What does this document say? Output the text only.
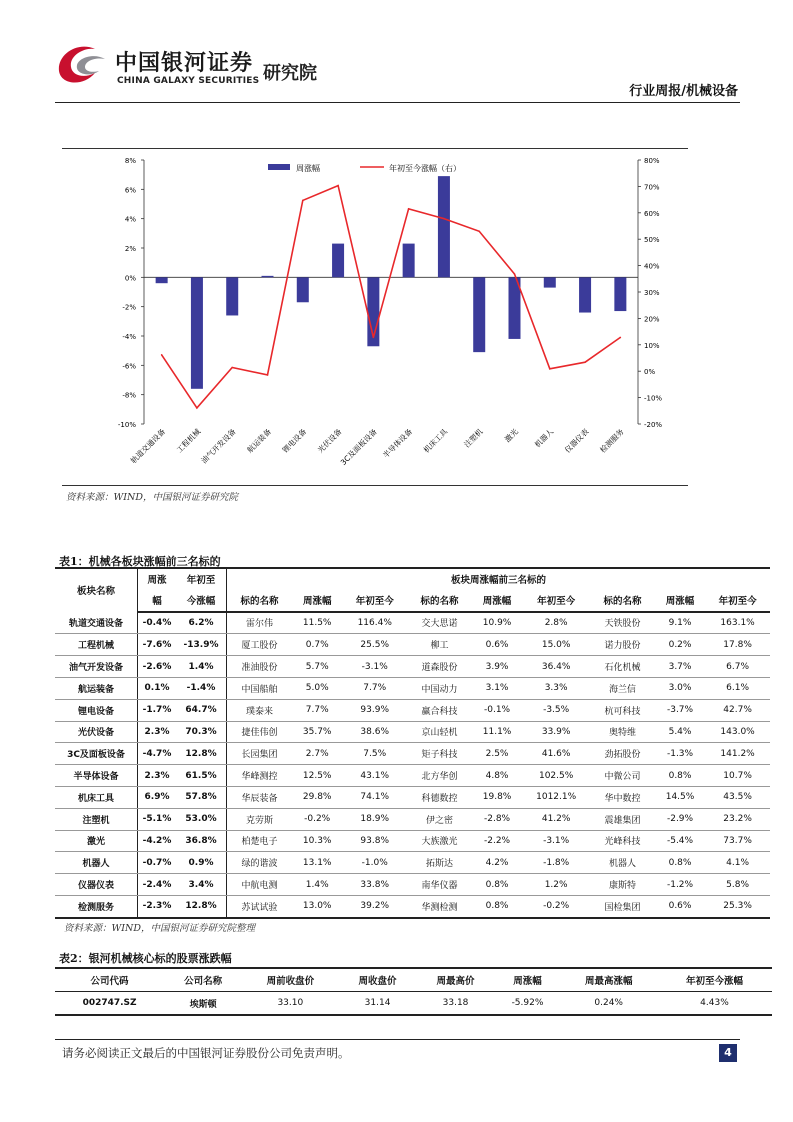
中国银河证券
CHINA GALAXY SECURITIES 研究院
行业周报/机械设备
8%
6%
4%
2%
0%
-2%
-4%
-6%
-8%
-10%
80%
70%
60%
50%
40%
30%
20%
10%
0%
-10%
-20%
轨道交通设备 工程机械
油气开发设备 航运装备 锂电设备 光伏设备
3C及面板设备 半导体设备 机床工具 注塑机 激光 机器人 仪器仪表 检测服务
周涨幅	年初至今涨幅（右）
资料来源：WIND，中国银河证券研究院
表1：机械各板块涨幅前三名标的
板块名称	周涨	年初至	板块周涨幅前三名标的								
	幅	今涨幅	标的名称	周涨幅	年初至今	标的名称	周涨幅	年初至今	标的名称	周涨幅	年初至今
轨道交通设备	-0.4%	6.2%	雷尔伟	11.5%	116.4%	交大思诺	10.9%	2.8%	天铁股份	9.1%	163.1%
工程机械	-7.6%	-13.9%	厦工股份	0.7%	25.5%	柳工	0.6%	15.0%	诺力股份	0.2%	17.8%
油气开发设备	-2.6%	1.4%	准油股份	5.7%	-3.1%	道森股份	3.9%	36.4%	石化机械	3.7%	6.7%
航运装备	0.1%	-1.4%	中国船舶	5.0%	7.7%	中国动力	3.1%	3.3%	海兰信	3.0%	6.1%
锂电设备	-1.7%	64.7%	璞泰来	7.7%	93.9%	赢合科技	-0.1%	-3.5%	杭可科技	-3.7%	42.7%
光伏设备	2.3%	70.3%	捷佳伟创	35.7%	38.6%	京山轻机	11.1%	33.9%	奥特维	5.4%	143.0%
3C及面板设备	-4.7%	12.8%	长园集团	2.7%	7.5%	矩子科技	2.5%	41.6%	劲拓股份	-1.3%	141.2%
半导体设备	2.3%	61.5%	华峰测控	12.5%	43.1%	北方华创	4.8%	102.5%	中微公司	0.8%	10.7%
机床工具	6.9%	57.8%	华辰装备	29.8%	74.1%	科德数控	19.8%	1012.1%	华中数控	14.5%	43.5%
注塑机	-5.1%	53.0%	克劳斯	-0.2%	18.9%	伊之密	-2.8%	41.2%	震雄集团	-2.9%	23.2%
激光	-4.2%	36.8%	柏楚电子	10.3%	93.8%	大族激光	-2.2%	-3.1%	光峰科技	-5.4%	73.7%
机器人	-0.7%	0.9%	绿的谐波	13.1%	-1.0%	拓斯达	4.2%	-1.8%	机器人	0.8%	4.1%
仪器仪表	-2.4%	3.4%	中航电测	1.4%	33.8%	南华仪器	0.8%	1.2%	康斯特	-1.2%	5.8%
检测服务	-2.3%	12.8%	苏试试验	13.0%	39.2%	华测检测	0.8%	-0.2%	国检集团	0.6%	25.3%
资料来源：WIND，中国银河证券研究院整理
表2：银河机械核心标的股票涨跌幅
公司代码	公司名称	周前收盘价	周收盘价	周最高价	周涨幅	周最高涨幅	年初至今涨幅
002747.SZ	埃斯顿	33.10	31.14	33.18	-5.92%	0.24%	4.43%
请务必阅读正文最后的中国银河证券股份公司免责声明。	4
